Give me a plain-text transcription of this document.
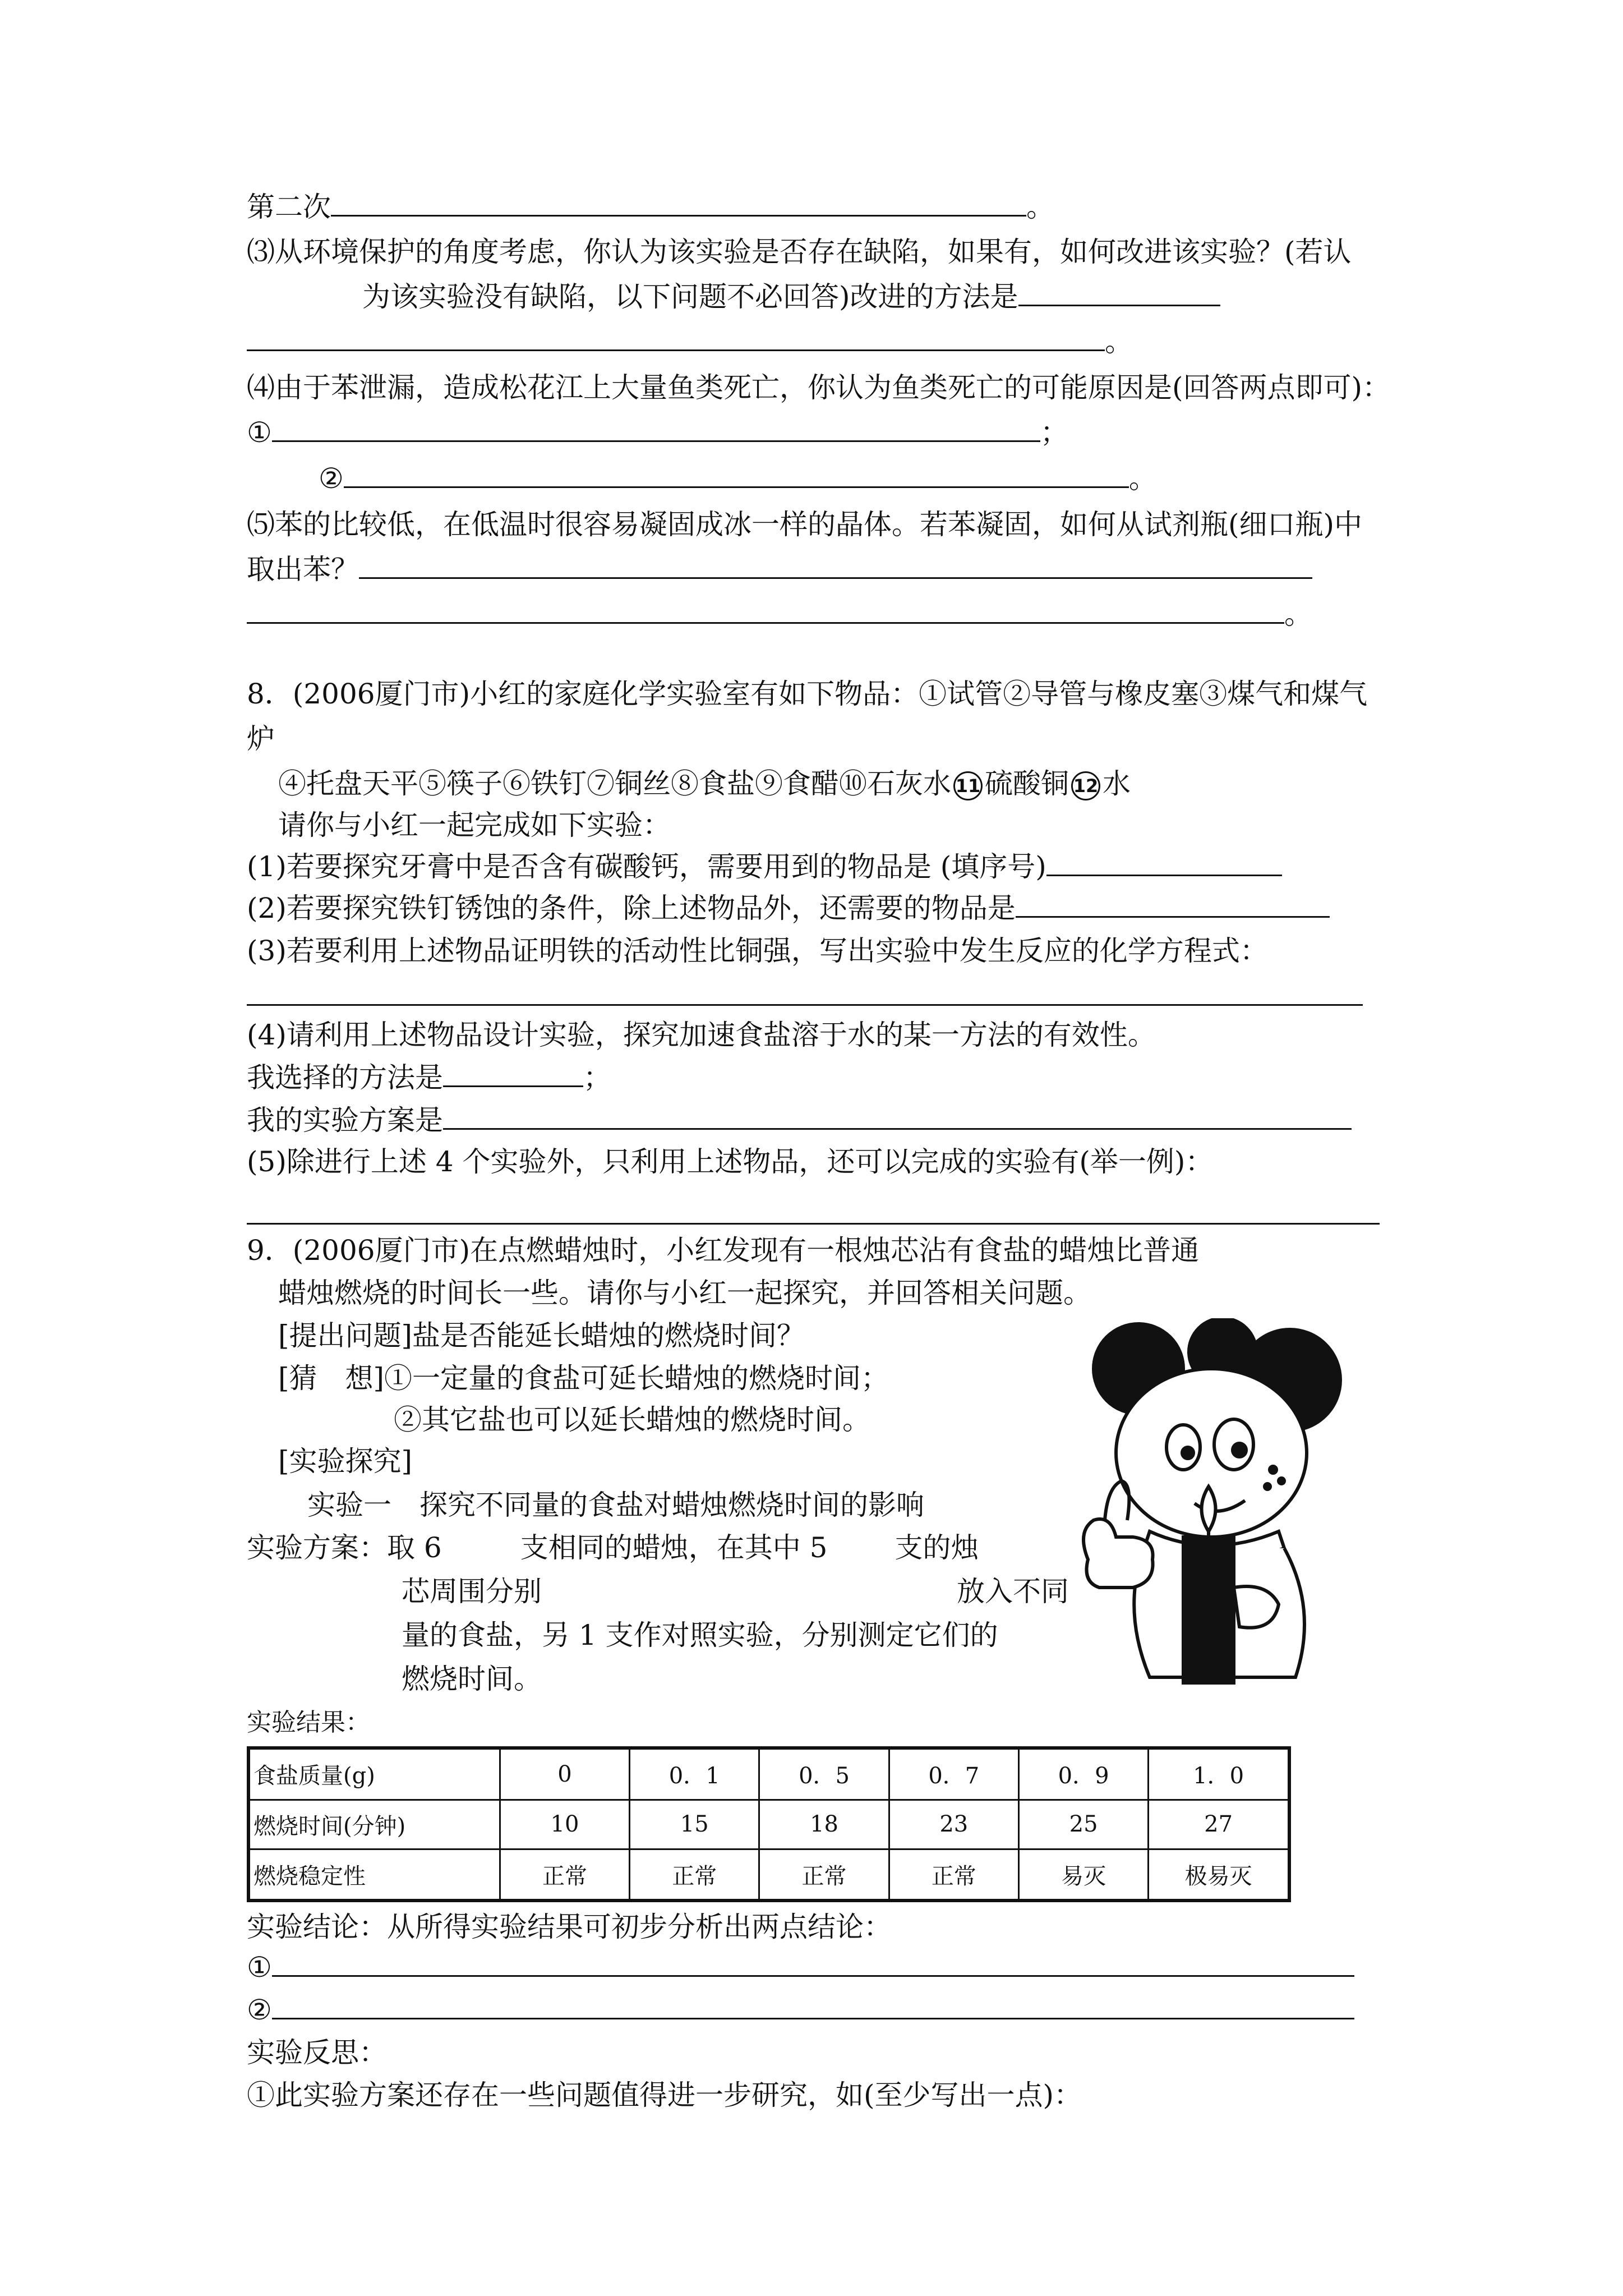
第二次	。
⑶从环境保护的角度考虑，你认为该实验是否存在缺陷，如果有，如何改进该实验？(若认
为该实验没有缺陷，以下问题不必回答)改进的方法是
。
⑷由于苯泄漏，造成松花江上大量鱼类死亡，你认为鱼类死亡的可能原因是(回答两点即可)：
①	；
②	。
⑸苯的比较低，在低温时很容易凝固成冰一样的晶体。若苯凝固，如何从试剂瓶(细口瓶)中
取出苯？
。
8．(2006厦门市)小红的家庭化学实验室有如下物品：①试管②导管与橡皮塞③煤气和煤气
炉
④托盘天平⑤筷子⑥铁钉⑦铜丝⑧食盐⑨食醋⑩石灰水 11 硫酸铜 12 水
请你与小红一起完成如下实验：
(1)若要探究牙膏中是否含有碳酸钙，需要用到的物品是 (填序号)
(2)若要探究铁钉锈蚀的条件，除上述物品外，还需要的物品是
(3)若要利用上述物品证明铁的活动性比铜强，写出实验中发生反应的化学方程式：
(4)请利用上述物品设计实验，探究加速食盐溶于水的某一方法的有效性。
我选择的方法是	；
我的实验方案是
(5)除进行上述 4 个实验外，只利用上述物品，还可以完成的实验有(举一例)：
9．(2006厦门市)在点燃蜡烛时，小红发现有一根烛芯沾有食盐的蜡烛比普通
蜡烛燃烧的时间长一些。请你与小红一起探究，并回答相关问题。
[提出问题]盐是否能延长蜡烛的燃烧时间？
[猜　想]①一定量的食盐可延长蜡烛的燃烧时间；
②其它盐也可以延长蜡烛的燃烧时间。
[实验探究]
实验一　探究不同量的食盐对蜡烛燃烧时间的影响
实验方案：取 6	支相同的蜡烛，在其中 5 支的烛
芯周围分别	放入不同
量的食盐，另 1 支作对照实验，分别测定它们的
燃烧时间。
实验结果：
食盐质量(g)	0	0．1	0．5	0．7	0．9	1．0
燃烧时间(分钟)	10	15	18	23	25	27
燃烧稳定性	正常	正常	正常	正常	易灭	极易灭
实验结论：从所得实验结果可初步分析出两点结论：
①
②
实验反思：
①此实验方案还存在一些问题值得进一步研究，如(至少写出一点)：
